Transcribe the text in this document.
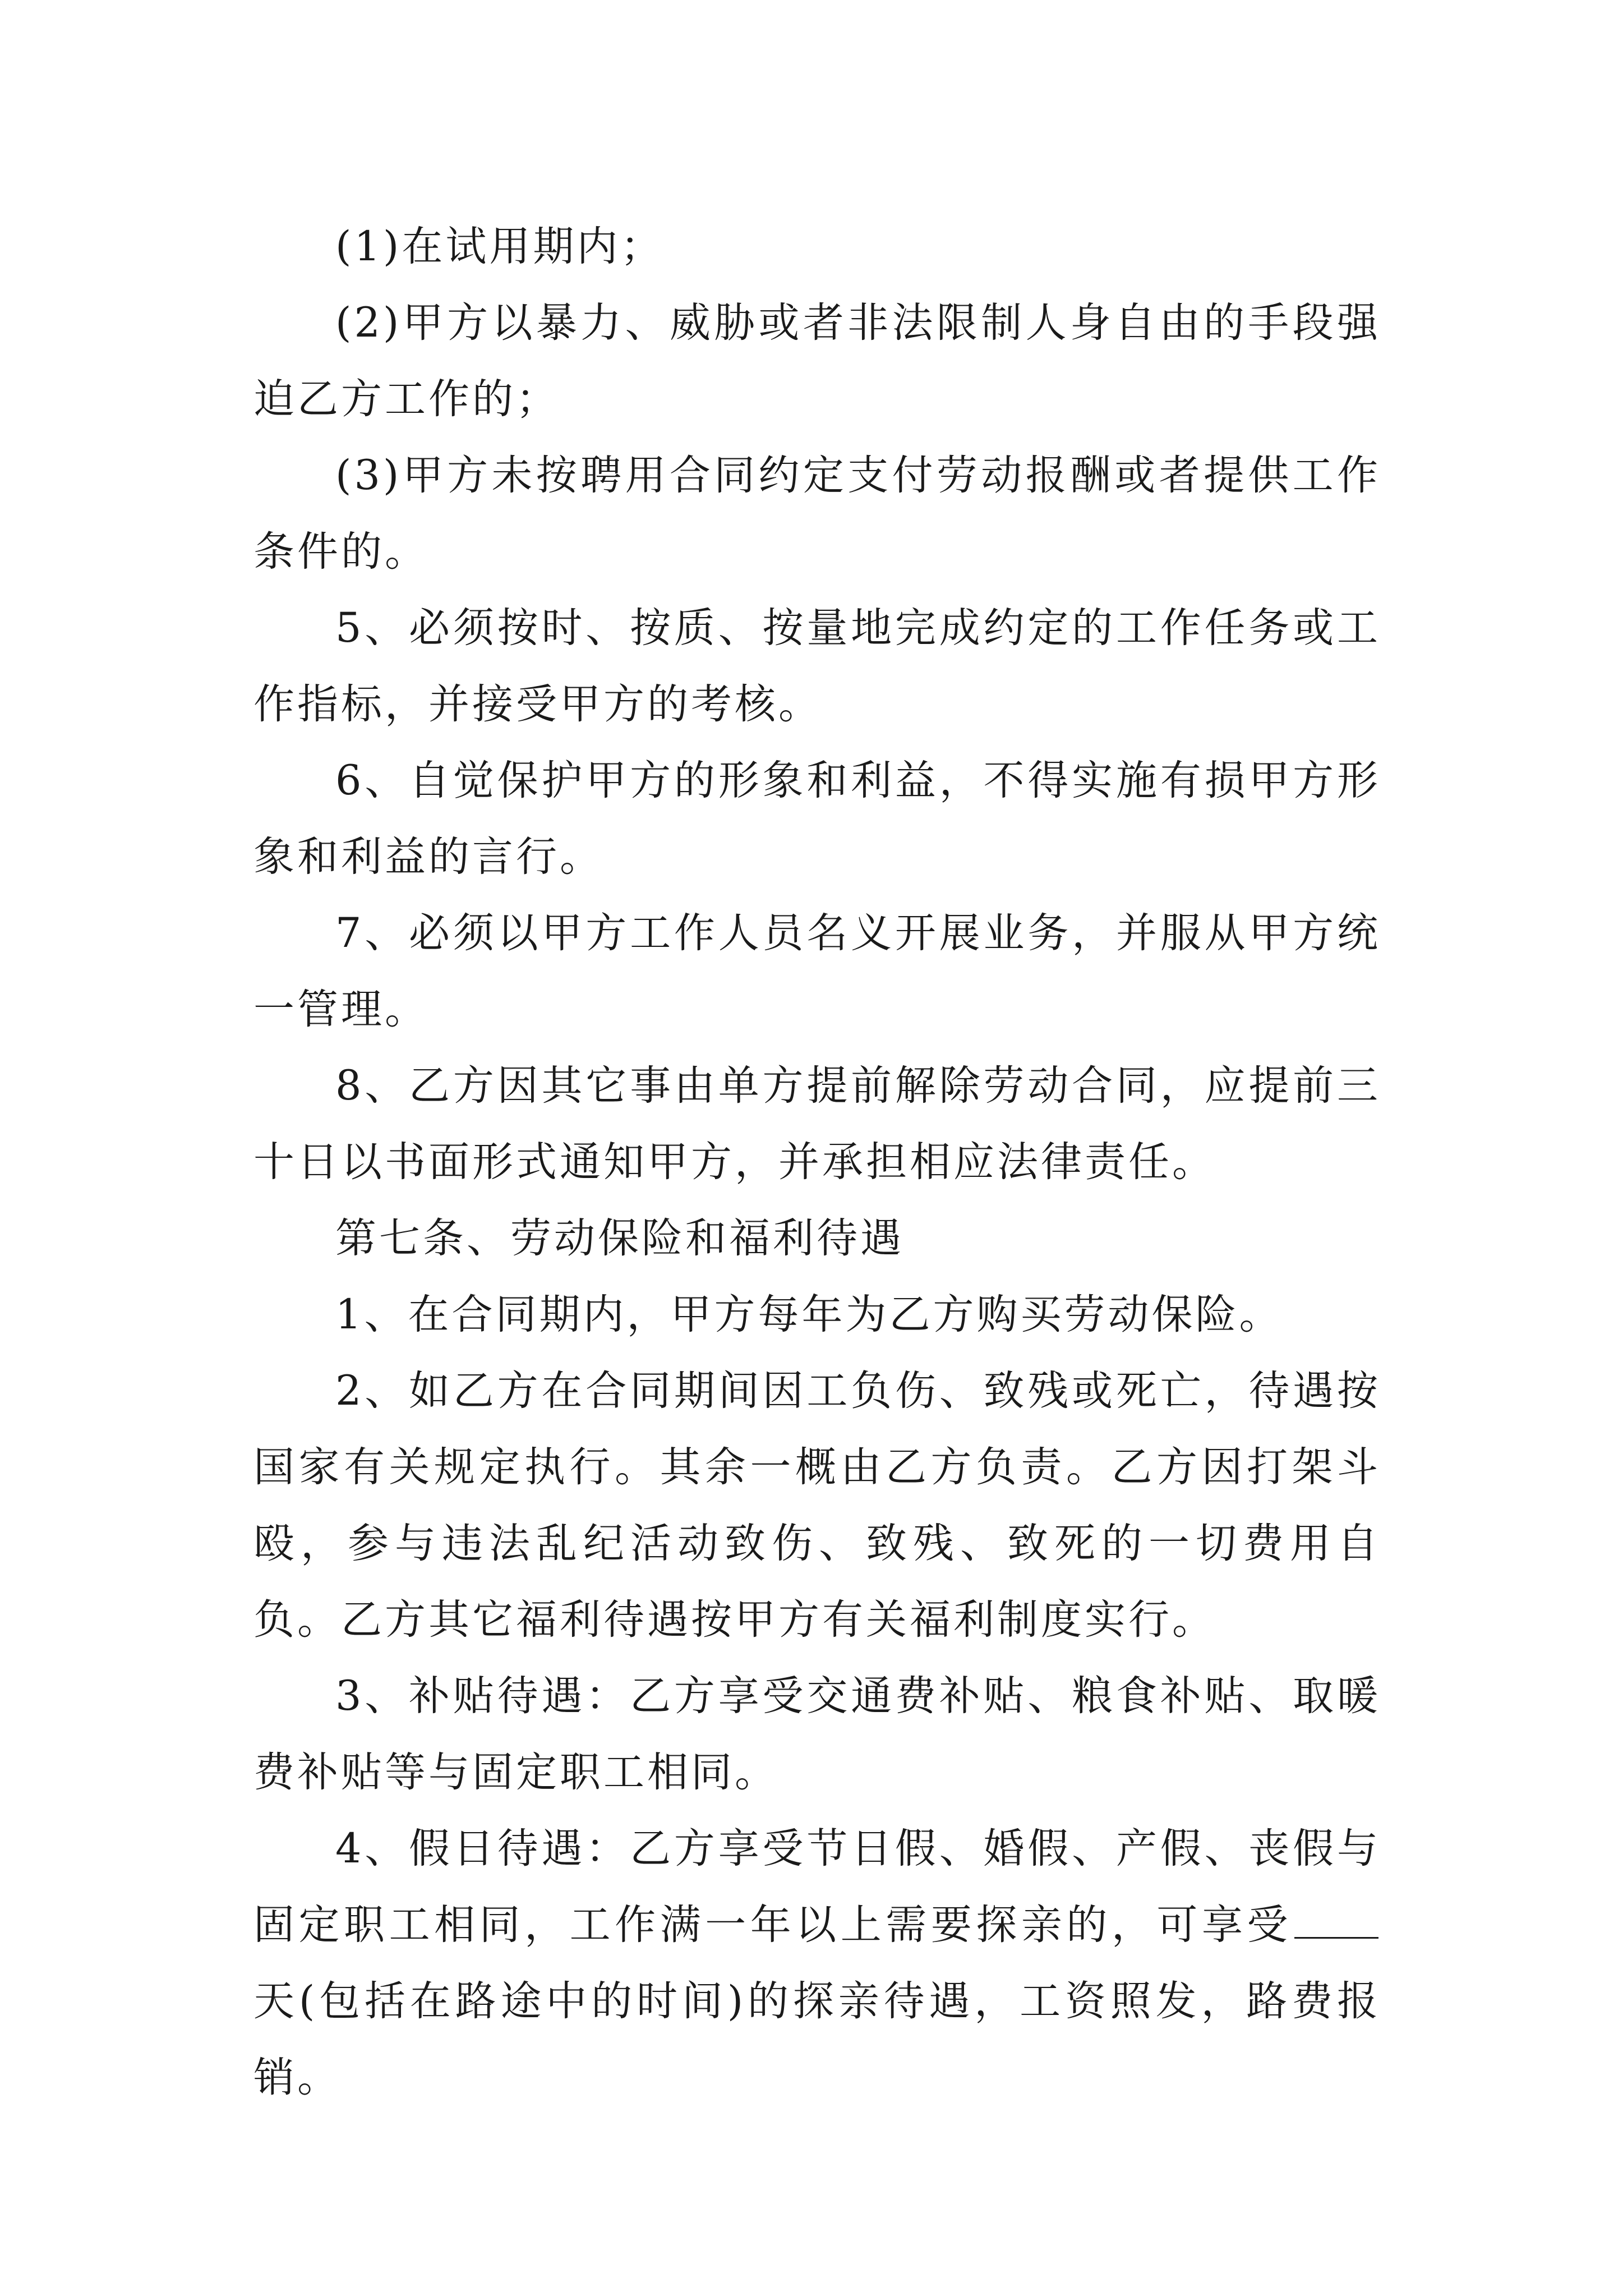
(1)在试用期内；

(2)甲方以暴力、威胁或者非法限制人身自由的手段强迫乙方工作的；

(3)甲方未按聘用合同约定支付劳动报酬或者提供工作条件的。

5、必须按时、按质、按量地完成约定的工作任务或工作指标，并接受甲方的考核。

6、自觉保护甲方的形象和利益，不得实施有损甲方形象和利益的言行。

7、必须以甲方工作人员名义开展业务，并服从甲方统一管理。

8、乙方因其它事由单方提前解除劳动合同，应提前三十日以书面形式通知甲方，并承担相应法律责任。

第七条、劳动保险和福利待遇

1、在合同期内，甲方每年为乙方购买劳动保险。

2、如乙方在合同期间因工负伤、致残或死亡，待遇按国家有关规定执行。其余一概由乙方负责。乙方因打架斗殴，参与违法乱纪活动致伤、致残、致死的一切费用自负。乙方其它福利待遇按甲方有关福利制度实行。

3、补贴待遇：乙方享受交通费补贴、粮食补贴、取暖费补贴等与固定职工相同。

4、假日待遇：乙方享受节日假、婚假、产假、丧假与固定职工相同，工作满一年以上需要探亲的，可享受天(包括在路途中的时间)的探亲待遇，工资照发，路费报销。
